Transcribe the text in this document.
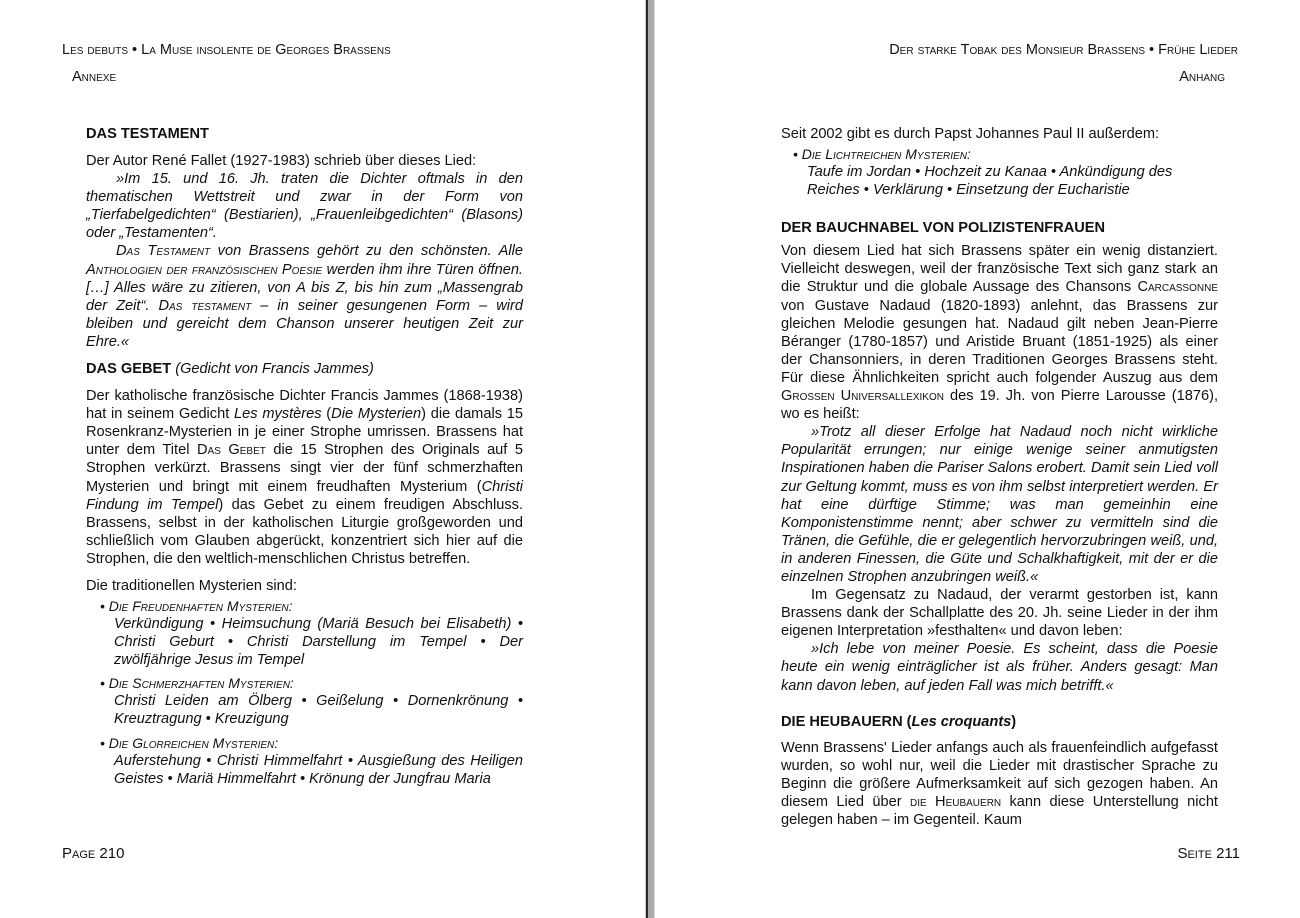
Les debuts • La Muse insolente de Georges Brassens
Annexe
DAS TESTAMENT

Der Autor René Fallet (1927-1983) schrieb über dieses Lied:

»Im 15. und 16. Jh. traten die Dichter oftmals in den thematischen Wettstreit und zwar in der Form von „Tierfabelgedichten“ (Bestiarien), „Frauenleibgedichten“ (Blasons) oder „Testamenten“.

Das Testament von Brassens gehört zu den schönsten. Alle Anthologien der französischen Poesie werden ihm ihre Türen öffnen. […] Alles wäre zu zitieren, von A bis Z, bis hin zum „Massengrab der Zeit“. Das testament – in seiner gesungenen Form – wird bleiben und gereicht dem Chanson unserer heutigen Zeit zur Ehre.«

DAS GEBET (Gedicht von Francis Jammes)

Der katholische französische Dichter Francis Jammes (1868-1938) hat in seinem Gedicht Les mystères (Die Mysterien) die damals 15 Rosenkranz-Mysterien in je einer Strophe umrissen. Brassens hat unter dem Titel Das Gebet die 15 Strophen des Originals auf 5 Strophen verkürzt. Brassens singt vier der fünf schmerzhaften Mysterien und bringt mit einem freudhaften Mysterium (Christi Findung im Tempel) das Gebet zu einem freudigen Abschluss. Brassens, selbst in der katholischen Liturgie großgeworden und schließlich vom Glauben abgerückt, konzentriert sich hier auf die Strophen, die den weltlich-menschlichen Christus betreffen.

Die traditionellen Mysterien sind:

• Die Freudenhaften Mysterien:
Verkündigung • Heimsuchung (Mariä Besuch bei Elisabeth) • Christi Geburt • Christi Darstellung im Tempel • Der zwölfjährige Jesus im Tempel
• Die Schmerzhaften Mysterien:
Christi Leiden am Ölberg • Geißelung • Dornenkrönung • Kreuztragung • Kreuzigung
• Die Glorreichen Mysterien:
Auferstehung • Christi Himmelfahrt • Ausgießung des Heiligen Geistes • Mariä Himmelfahrt • Krönung der Jungfrau Maria
Page 210
Der starke Tobak des Monsieur Brassens • Frühe Lieder
Anhang

Seit 2002 gibt es durch Papst Johannes Paul II außerdem:

• Die Lichtreichen Mysterien:
Taufe im Jordan • Hochzeit zu Kanaa • Ankündigung des Reiches • Verklärung • Einsetzung der Eucharistie
DER BAUCHNABEL VON POLIZISTENFRAUEN

Von diesem Lied hat sich Brassens später ein wenig distanziert. Vielleicht deswegen, weil der französische Text sich ganz stark an die Struktur und die globale Aussage des Chansons Carcassonne von Gustave Nadaud (1820-1893) anlehnt, das Brassens zur gleichen Melodie gesungen hat. Nadaud gilt neben Jean-Pierre Béranger (1780-1857) und Aristide Bruant (1851-1925) als einer der Chansonniers, in deren Traditionen Georges Brassens steht. Für diese Ähnlichkeiten spricht auch folgender Auszug aus dem Großen Universallexikon des 19. Jh. von Pierre Larousse (1876), wo es heißt:

»Trotz all dieser Erfolge hat Nadaud noch nicht wirkliche Popularität errungen; nur einige wenige seiner anmutigsten Inspirationen haben die Pariser Salons erobert. Damit sein Lied voll zur Geltung kommt, muss es von ihm selbst interpretiert werden. Er hat eine dürftige Stimme; was man gemeinhin eine Komponistenstimme nennt; aber schwer zu vermitteln sind die Tränen, die Gefühle, die er gelegentlich hervorzubringen weiß, und, in anderen Finessen, die Güte und Schalkhaftigkeit, mit der er die einzelnen Strophen anzubringen weiß.«

Im Gegensatz zu Nadaud, der verarmt gestorben ist, kann Brassens dank der Schallplatte des 20. Jh. seine Lieder in der ihm eigenen Interpretation »festhalten« und davon leben:

»Ich lebe von meiner Poesie. Es scheint, dass die Poesie heute ein wenig einträglicher ist als früher. Anders gesagt: Man kann davon leben, auf jeden Fall was mich betrifft.«

DIE HEUBAUERN (Les croquants)

Wenn Brassens' Lieder anfangs auch als frauenfeindlich aufgefasst wurden, so wohl nur, weil die Lieder mit drastischer Sprache zu Beginn die größere Aufmerksamkeit auf sich gezogen haben. An diesem Lied über die Heubauern kann diese Unterstellung nicht gelegen haben – im Gegenteil. Kaum

Seite 211
